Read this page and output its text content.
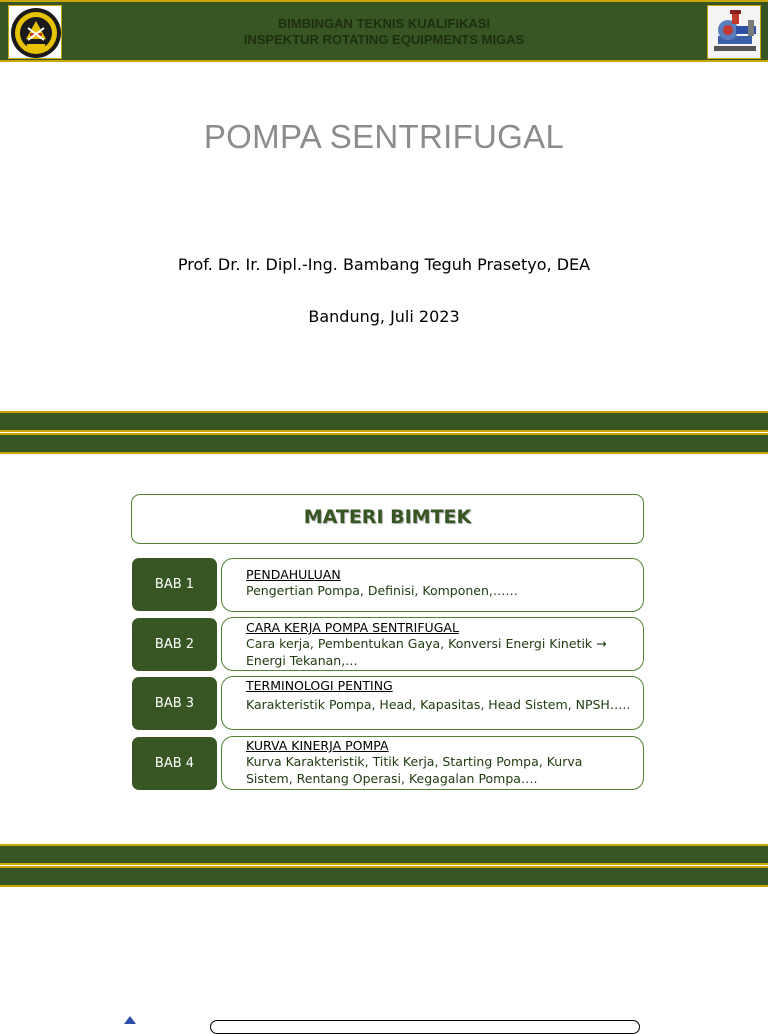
BIMBINGAN TEKNIS KUALIFIKASI
INSPEKTUR ROTATING EQUIPMENTS MIGAS
POMPA SENTRIFUGAL
Prof. Dr. Ir. Dipl.-Ing. Bambang Teguh Prasetyo, DEA
Bandung, Juli 2023
MATERI BIMTEK
BAB 1
PENDAHULUAN
Pengertian Pompa, Definisi, Komponen,……
BAB 2
CARA KERJA POMPA SENTRIFUGAL
Cara kerja, Pembentukan Gaya, Konversi Energi Kinetik → Energi Tekanan,…
BAB 3
TERMINOLOGI PENTING
Karakteristik Pompa, Head, Kapasitas, Head Sistem, NPSH…..
BAB 4
KURVA KINERJA POMPA
Kurva Karakteristik, Titik Kerja, Starting Pompa, Kurva Sistem, Rentang Operasi, Kegagalan Pompa….
